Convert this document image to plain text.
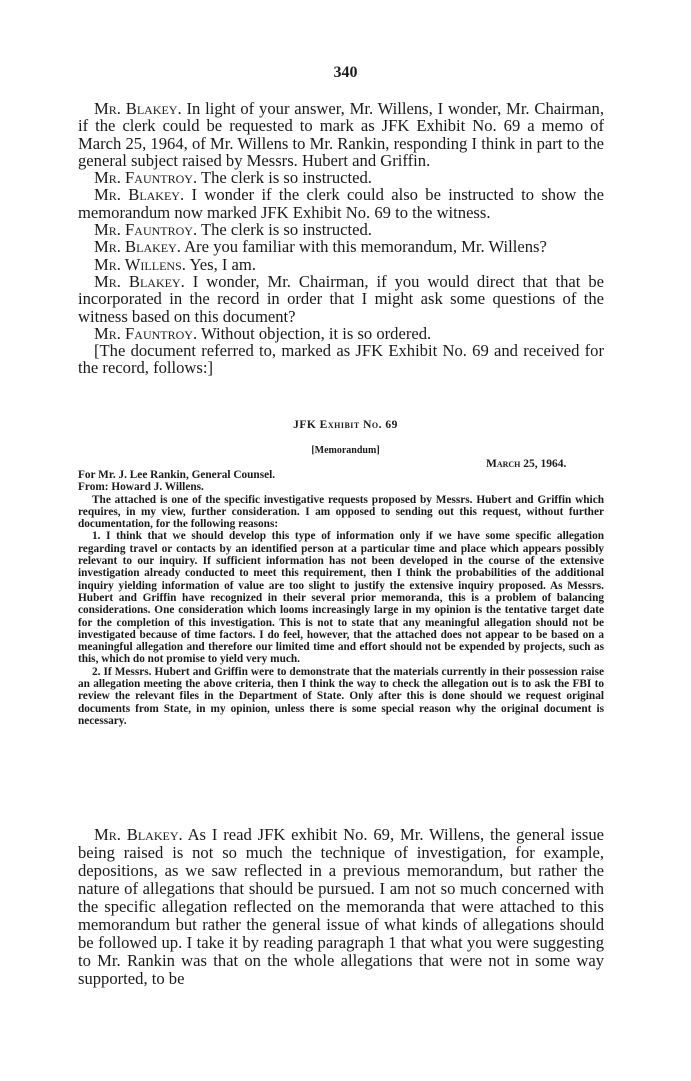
340

Mr. Blakey. In light of your answer, Mr. Willens, I wonder, Mr. Chairman, if the clerk could be requested to mark as JFK Exhibit No. 69 a memo of March 25, 1964, of Mr. Willens to Mr. Rankin, responding I think in part to the general subject raised by Messrs. Hubert and Griffin.

Mr. Fauntroy. The clerk is so instructed.

Mr. Blakey. I wonder if the clerk could also be instructed to show the memorandum now marked JFK Exhibit No. 69 to the witness.

Mr. Fauntroy. The clerk is so instructed.

Mr. Blakey. Are you familiar with this memorandum, Mr. Willens?

Mr. Willens. Yes, I am.

Mr. Blakey. I wonder, Mr. Chairman, if you would direct that that be incorporated in the record in order that I might ask some questions of the witness based on this document?

Mr. Fauntroy. Without objection, it is so ordered.

[The document referred to, marked as JFK Exhibit No. 69 and received for the record, follows:]

JFK Exhibit No. 69
[Memorandum]
March 25, 1964.

For Mr. J. Lee Rankin, General Counsel.

From: Howard J. Willens.

The attached is one of the specific investigative requests proposed by Messrs. Hubert and Griffin which requires, in my view, further consideration. I am opposed to sending out this request, without further documentation, for the following reasons:

1. I think that we should develop this type of information only if we have some specific allegation regarding travel or contacts by an identified person at a particular time and place which appears possibly relevant to our inquiry. If sufficient information has not been developed in the course of the extensive investigation already conducted to meet this requirement, then I think the probabilities of the additional inquiry yielding information of value are too slight to justify the extensive inquiry proposed. As Messrs. Hubert and Griffin have recognized in their several prior memoranda, this is a problem of balancing considerations. One consideration which looms increasingly large in my opinion is the tentative target date for the completion of this investigation. This is not to state that any meaningful allegation should not be investigated because of time factors. I do feel, however, that the attached does not appear to be based on a meaningful allegation and therefore our limited time and effort should not be expended by projects, such as this, which do not promise to yield very much.

2. If Messrs. Hubert and Griffin were to demonstrate that the materials currently in their possession raise an allegation meeting the above criteria, then I think the way to check the allegation out is to ask the FBI to review the relevant files in the Department of State. Only after this is done should we request original documents from State, in my opinion, unless there is some special reason why the original document is necessary.

Mr. Blakey. As I read JFK exhibit No. 69, Mr. Willens, the general issue being raised is not so much the technique of investigation, for example, depositions, as we saw reflected in a previous memorandum, but rather the nature of allegations that should be pursued. I am not so much concerned with the specific allegation reflected on the memoranda that were attached to this memorandum but rather the general issue of what kinds of allegations should be followed up. I take it by reading paragraph 1 that what you were suggesting to Mr. Rankin was that on the whole allegations that were not in some way supported, to be
